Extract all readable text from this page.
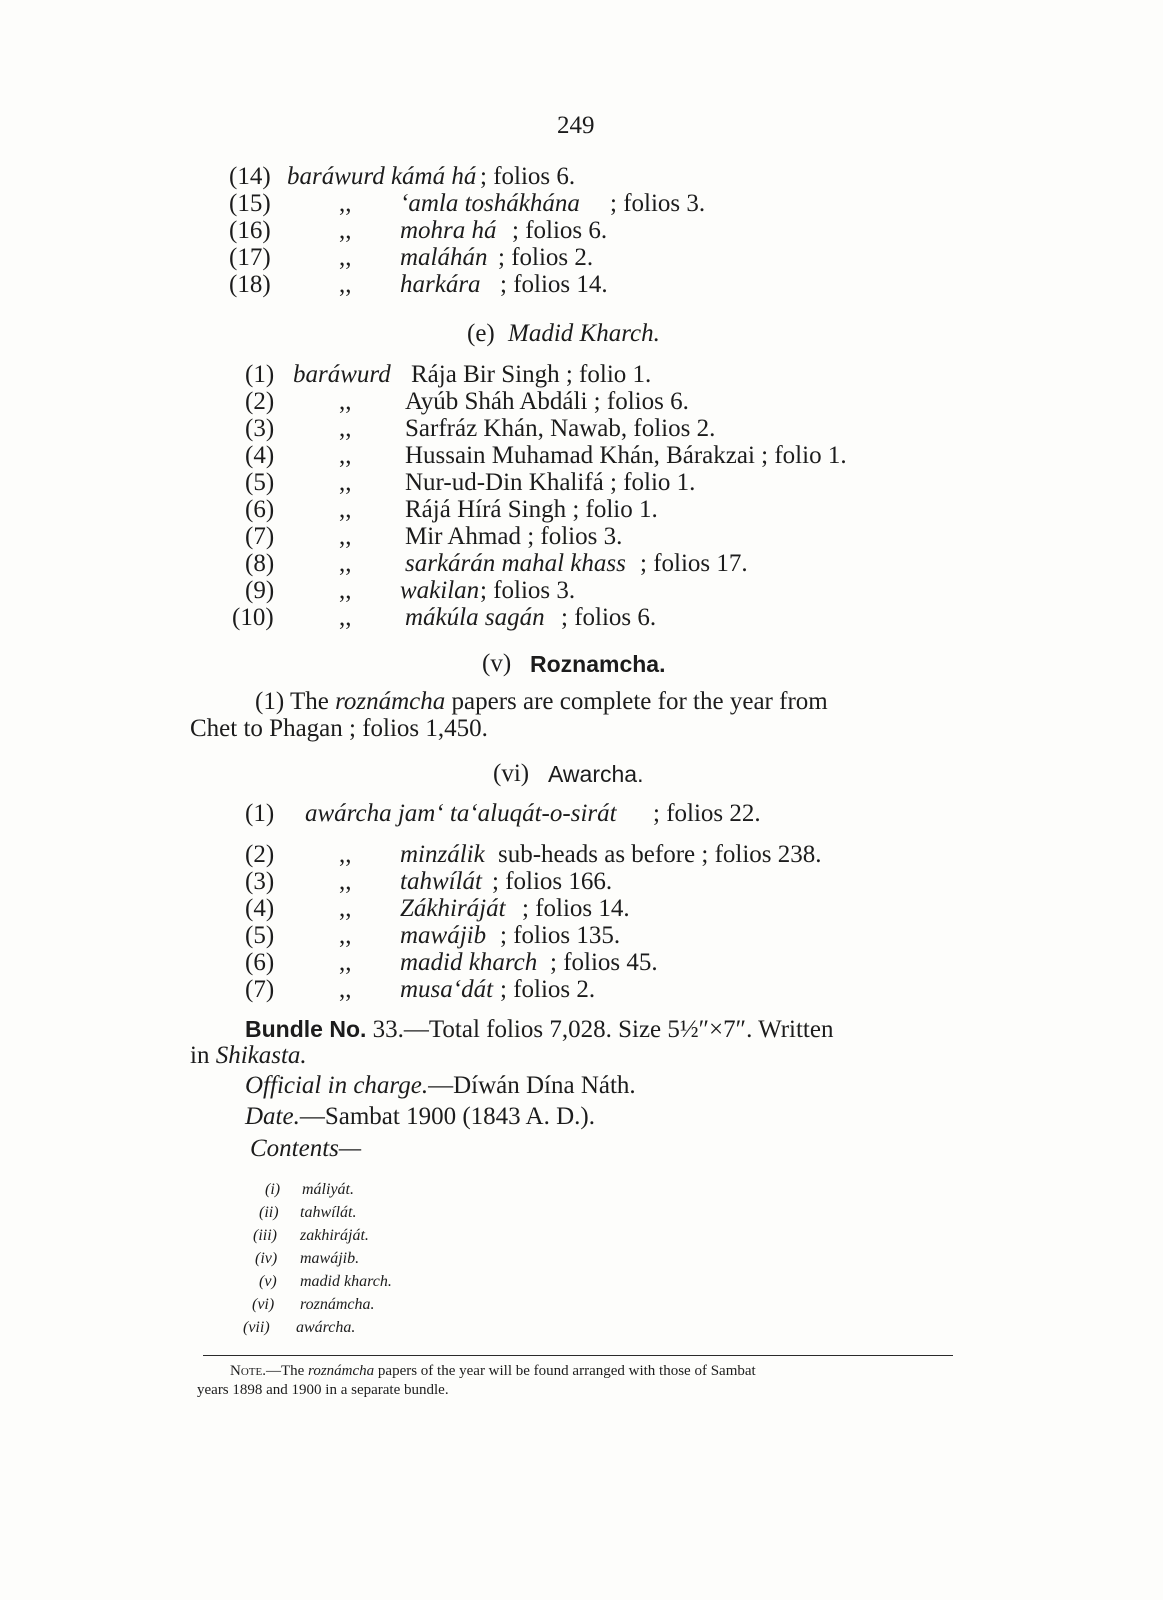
249
(14) baráwurd kámá há ; folios 6.
(15)	,, ‘amla toshákhána ; folios 3.
(16)	,, mohra há ; folios 6.
(17)	,, maláhán ; folios 2.
(18)	,, harkára ; folios 14.
(e) Madid Kharch.
(1) baráwurd Rája Bir Singh ; folio 1.
(2)	,, Ayúb Sháh Abdáli ; folios 6.
(3)	,, Sarfráz Khán, Nawab, folios 2.
(4)	,, Hussain Muhamad Khán, Bárakzai ; folio 1.
(5)	,, Nur-ud-Din Khalifá ; folio 1.
(6)	,, Rájá Hírá Singh ; folio 1.
(7)	,, Mir Ahmad ; folios 3.
(8)	,, sarkárán mahal khass ; folios 17.
(9)	,, wakilan ; folios 3.
(10)	,, mákúla sagán ; folios 6.
(v) Roznamcha.
(1) The roznámcha papers are complete for the year from
Chet to Phagan ; folios 1,450.
(vi) Awarcha.
(1) awárcha jam‘ ta‘aluqát-o-sirát ; folios 22.
(2)	,, minzálik sub-heads as before ; folios 238.
(3)	,, tahwílát ; folios 166.
(4)	,, Zákhiráját ; folios 14.
(5)	,, mawájib ; folios 135.
(6)	,, madid kharch ; folios 45.
(7)	,, musa‘dát ; folios 2.
Bundle No. 33.—Total folios 7,028. Size 5½″×7″. Written
in Shikasta.
Official in charge.—Díwán Dína Náth.
Date.—Sambat 1900 (1843 A. D.).
Contents—
(i) máliyát.
(ii) tahwílát.
(iii) zakhiráját.
(iv) mawájib.
(v) madid kharch.
(vi) roznámcha.
(vii) awárcha.
Note.—The roznámcha papers of the year will be found arranged with those of Sambat
years 1898 and 1900 in a separate bundle.
